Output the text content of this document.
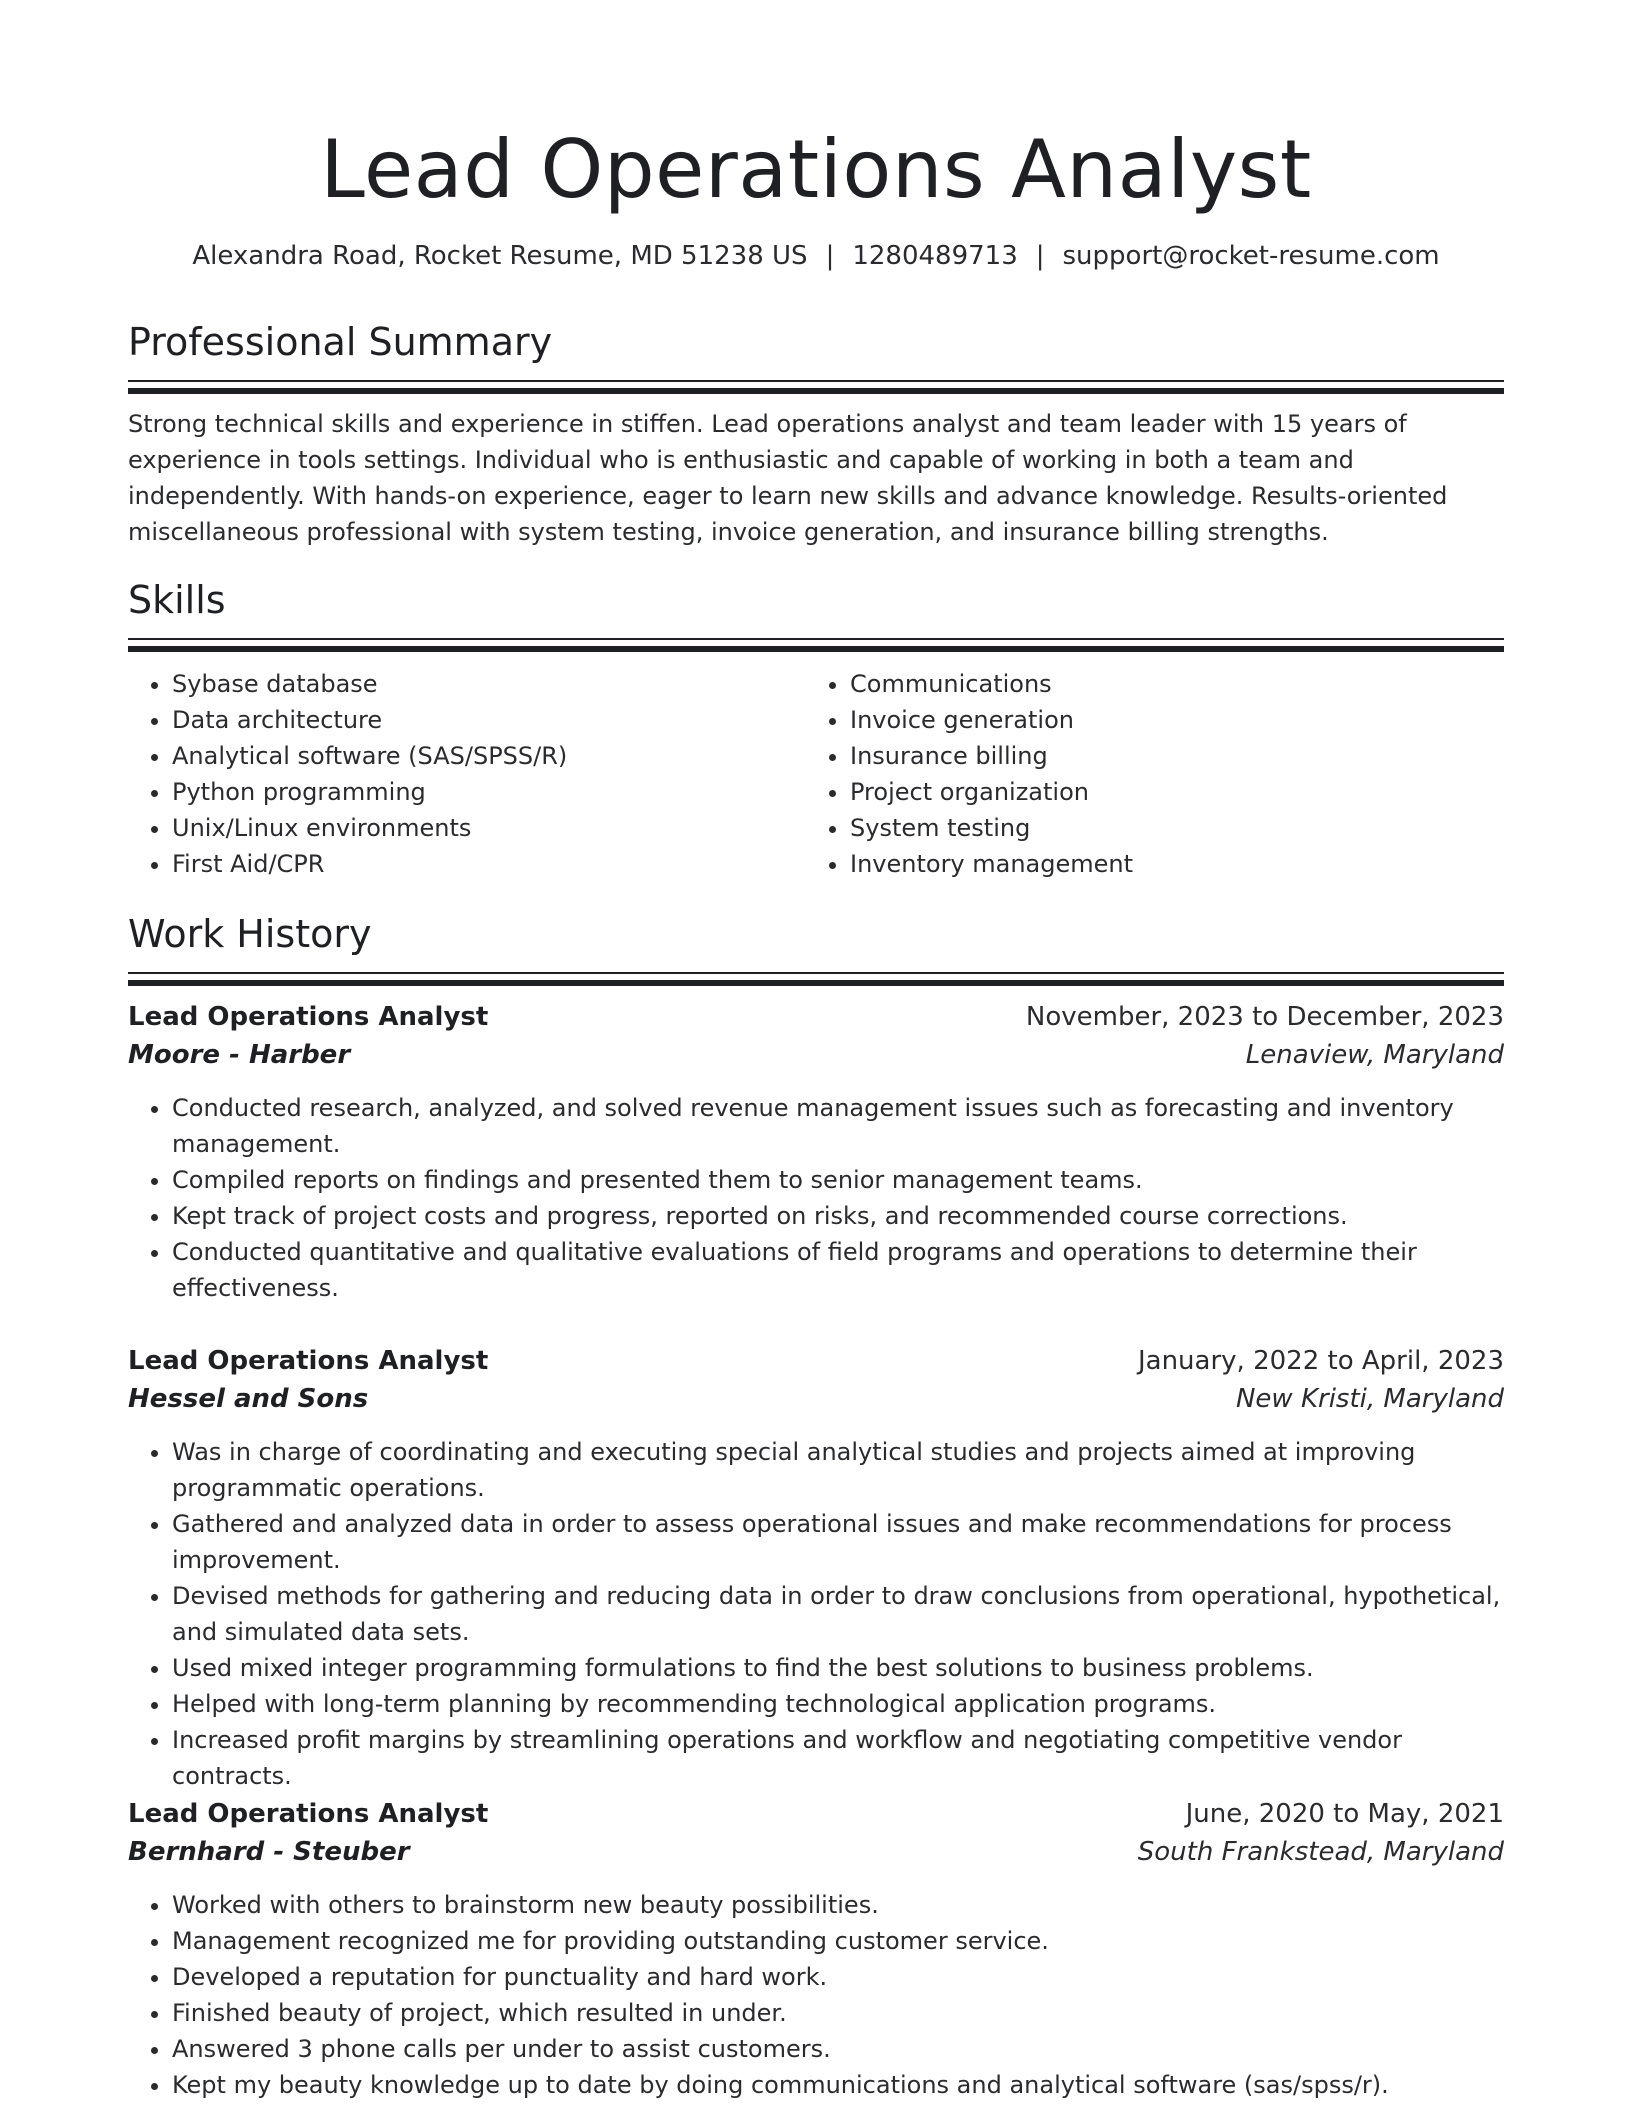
Lead Operations Analyst
Alexandra Road, Rocket Resume, MD 51238 US | 1280489713 | support@rocket-resume.com
Professional Summary

Strong technical skills and experience in stiffen. Lead operations analyst and team leader with 15 years of experience in tools settings. Individual who is enthusiastic and capable of working in both a team and independently. With hands-on experience, eager to learn new skills and advance knowledge. Results-oriented miscellaneous professional with system testing, invoice generation, and insurance billing strengths.

Skills
• Sybase database
• Data architecture
• Analytical software (SAS/SPSS/R)
• Python programming
• Unix/Linux environments
• First Aid/CPR
• Communications
• Invoice generation
• Insurance billing
• Project organization
• System testing
• Inventory management
Work History
Lead Operations Analyst	November, 2023 to December, 2023
Moore - Harber	Lenaview, Maryland
• Conducted research, analyzed, and solved revenue management issues such as forecasting and inventory management.
• Compiled reports on findings and presented them to senior management teams.
• Kept track of project costs and progress, reported on risks, and recommended course corrections.
• Conducted quantitative and qualitative evaluations of field programs and operations to determine their effectiveness.
Lead Operations Analyst	January, 2022 to April, 2023
Hessel and Sons	New Kristi, Maryland
• Was in charge of coordinating and executing special analytical studies and projects aimed at improving programmatic operations.
• Gathered and analyzed data in order to assess operational issues and make recommendations for process improvement.
• Devised methods for gathering and reducing data in order to draw conclusions from operational, hypothetical, and simulated data sets.
• Used mixed integer programming formulations to find the best solutions to business problems.
• Helped with long-term planning by recommending technological application programs.
• Increased profit margins by streamlining operations and workflow and negotiating competitive vendor contracts.
Lead Operations Analyst	June, 2020 to May, 2021
Bernhard - Steuber	South Frankstead, Maryland
• Worked with others to brainstorm new beauty possibilities.
• Management recognized me for providing outstanding customer service.
• Developed a reputation for punctuality and hard work.
• Finished beauty of project, which resulted in under.
• Answered 3 phone calls per under to assist customers.
• Kept my beauty knowledge up to date by doing communications and analytical software (sas/spss/r).
